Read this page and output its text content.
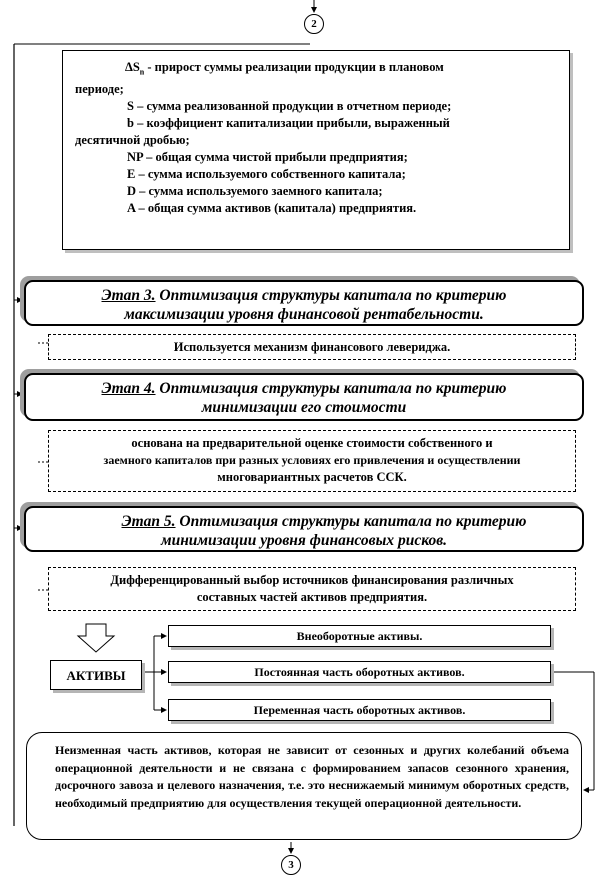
2
$\Delta S_n$ - прирост суммы реализации продукции в плановом
периоде;
S – сумма реализованной продукции в отчетном периоде;
b – коэффициент капитализации прибыли, выраженный
десятичной дробью;
NP – общая сумма чистой прибыли предприятия;
E – сумма используемого собственного капитала;
D – сумма используемого заемного капитала;
A – общая сумма активов (капитала) предприятия.
Этап 3. Оптимизация структуры капитала по критерию
максимизации уровня финансовой рентабельности.
Используется механизм финансового левериджа.
Этап 4. Оптимизация структуры капитала по критерию
минимизации его стоимости
основана на предварительной оценке стоимости собственного и
заемного капиталов при разных условиях его привлечения и осуществлении
многовариантных расчетов ССК.
Этап 5. Оптимизация структуры капитала по критерию
минимизации уровня финансовых рисков.
Дифференцированный выбор источников финансирования различных
составных частей активов предприятия.
АКТИВЫ
Внеоборотные активы.
Постоянная часть оборотных активов.
Переменная часть оборотных активов.
Неизменная часть активов, которая не зависит от сезонных и других колебаний объема операционной деятельности и не связана с формированием запасов сезонного хранения, досрочного завоза и целевого назначения, т.е. это неснижаемый минимум оборотных средств, необходимый предприятию для осуществления текущей операционной деятельности.
3
